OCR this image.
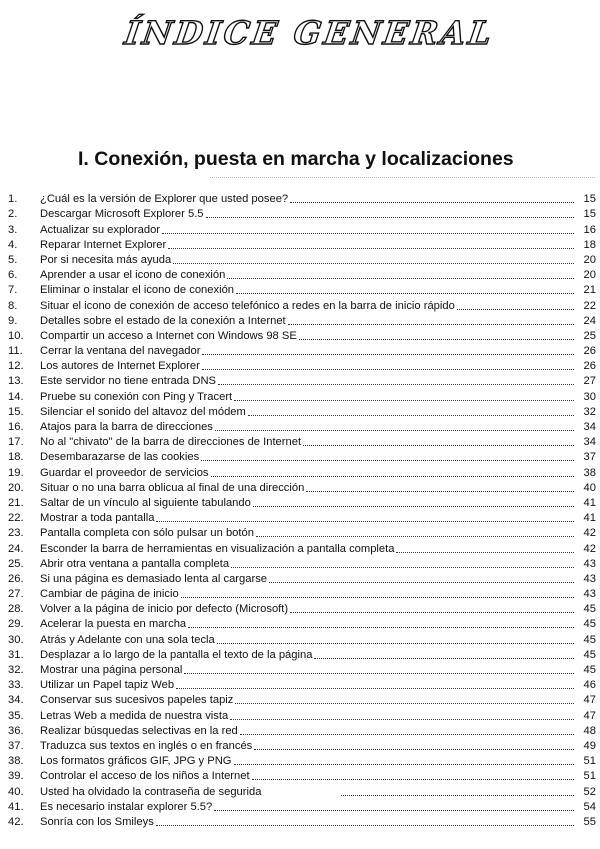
ÍNDICE GENERAL
I. Conexión, puesta en marcha y localizaciones
1.	¿Cuál es la versión de Explorer que usted posee?	15
2.	Descargar Microsoft Explorer 5.5	15
3.	Actualizar su explorador	16
4.	Reparar Internet Explorer	18
5.	Por si necesita más ayuda	20
6.	Aprender a usar el icono de conexión	20
7.	Eliminar o instalar el icono de conexión	21
8.	Situar el icono de conexión de acceso telefónico a redes en la barra de inicio rápido	22
9.	Detalles sobre el estado de la conexión a Internet	24
10.	Compartir un acceso a Internet con Windows 98 SE	25
11.	Cerrar la ventana del navegador	26
12.	Los autores de Internet Explorer	26
13.	Este servidor no tiene entrada DNS	27
14.	Pruebe su conexión con Ping y Tracert	30
15.	Silenciar el sonido del altavoz del módem	32
16.	Atajos para la barra de direcciones	34
17.	No al "chivato" de la barra de direcciones de Internet	34
18.	Desembarazarse de las cookies	37
19.	Guardar el proveedor de servicios	38
20.	Situar o no una barra oblicua al final de una dirección	40
21.	Saltar de un vínculo al siguiente tabulando	41
22.	Mostrar a toda pantalla	41
23.	Pantalla completa con sólo pulsar un botón	42
24.	Esconder la barra de herramientas en visualización a pantalla completa	42
25.	Abrir otra ventana a pantalla completa	43
26.	Si una página es demasiado lenta al cargarse	43
27.	Cambiar de página de inicio	43
28.	Volver a la página de inicio por defecto (Microsoft)	45
29.	Acelerar la puesta en marcha	45
30.	Atrás y Adelante con una sola tecla	45
31.	Desplazar a lo largo de la pantalla el texto de la página	45
32.	Mostrar una página personal	45
33.	Utilizar un Papel tapiz Web	46
34.	Conservar sus sucesivos papeles tapiz	47
35.	Letras Web a medida de nuestra vista	47
36.	Realizar búsquedas selectivas en la red	48
37.	Traduzca sus textos en inglés o en francés	49
38.	Los formatos gráficos GIF, JPG y PNG	51
39.	Controlar el acceso de los niños a Internet	51
40.	Usted ha olvidado la contraseña de segurida	52
41.	Es necesario instalar explorer 5.5?	54
42.	Sonría con los Smileys	55
